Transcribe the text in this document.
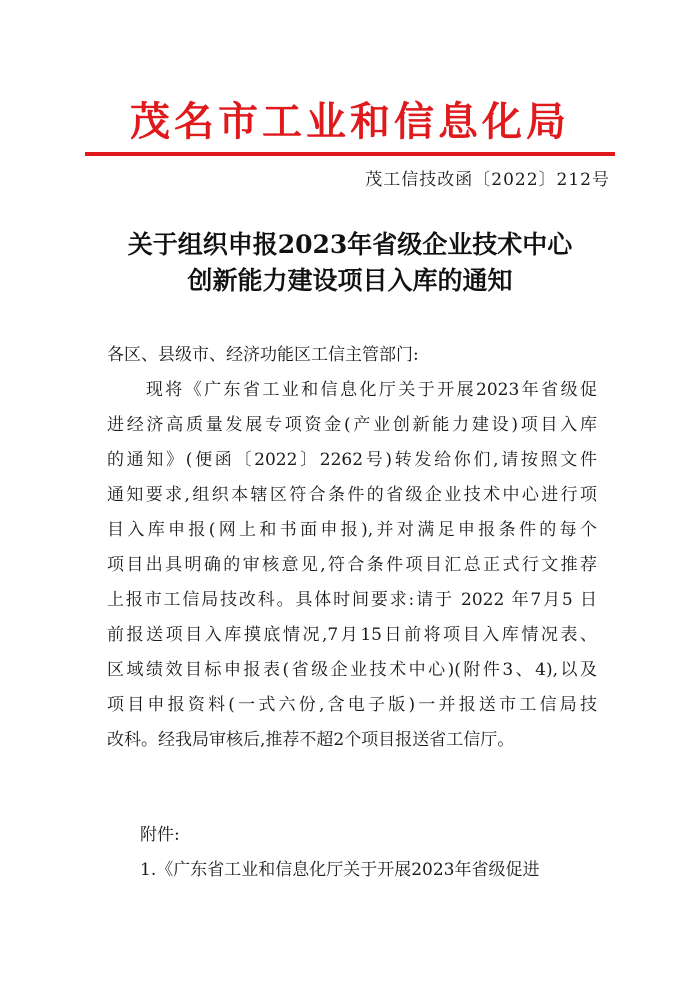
茂名市工业和信息化局
茂工信技改函〔2022〕212号
关于组织申报2023年省级企业技术中心
创新能力建设项目入库的通知
各区、县级市、经济功能区工信主管部门:
　　现将《广东省工业和信息化厅关于开展2023年省级促
进经济高质量发展专项资金(产业创新能力建设)项目入库
的通知》(便函〔2022〕2262号)转发给你们,请按照文件
通知要求,组织本辖区符合条件的省级企业技术中心进行项
目入库申报(网上和书面申报),并对满足申报条件的每个
项目出具明确的审核意见,符合条件项目汇总正式行文推荐
上报市工信局技改科。具体时间要求:请于 2022 年7月5 日
前报送项目入库摸底情况,7月15日前将项目入库情况表、
区域绩效目标申报表(省级企业技术中心)(附件3、4),以及
项目申报资料(一式六份,含电子版)一并报送市工信局技
改科。经我局审核后,推荐不超2个项目报送省工信厅。
附件:
1.《广东省工业和信息化厅关于开展2023年省级促进
